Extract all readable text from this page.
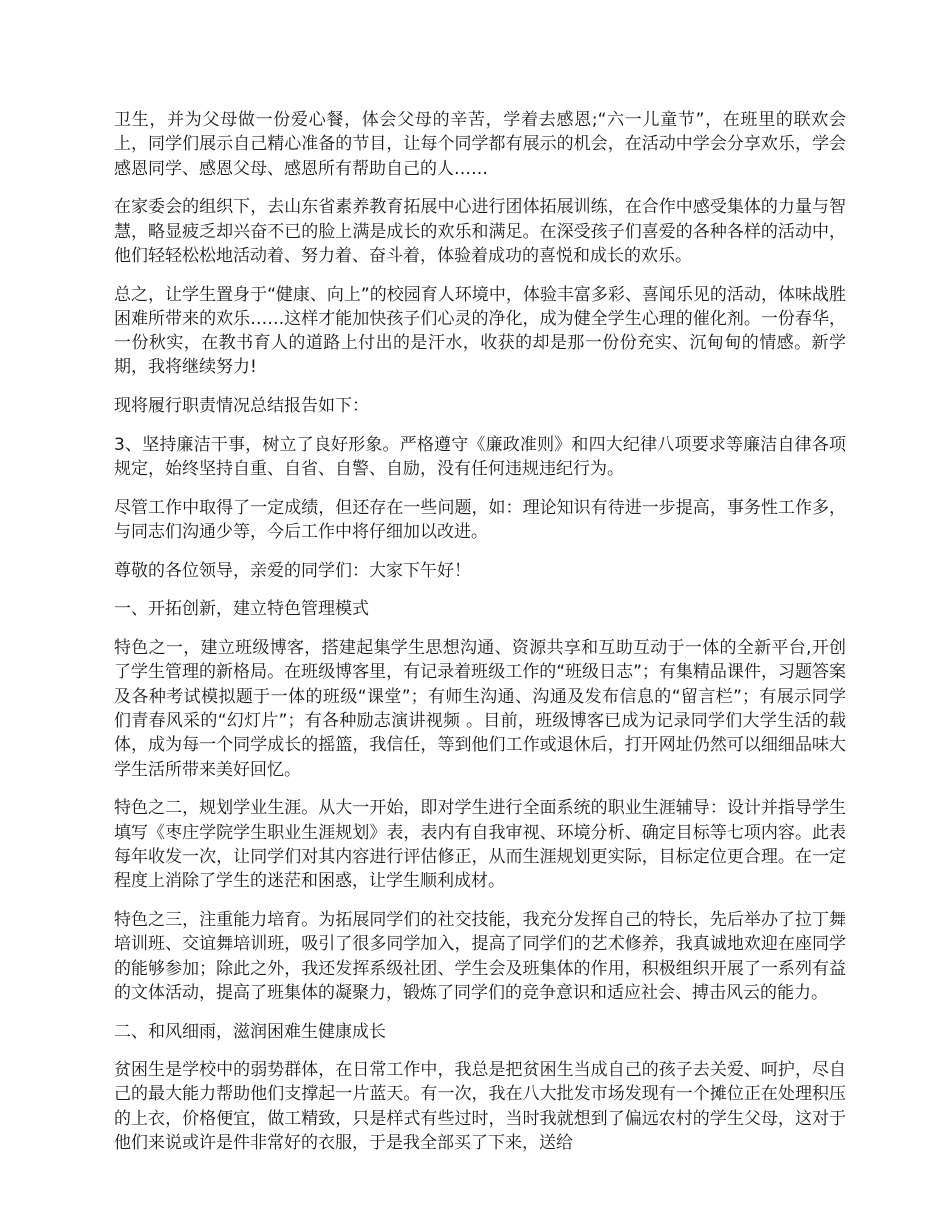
卫生，并为父母做一份爱心餐，体会父母的辛苦，学着去感恩;“六一儿童节”，在班里的联欢会上，同学们展示自己精心准备的节目，让每个同学都有展示的机会，在活动中学会分享欢乐，学会感恩同学、感恩父母、感恩所有帮助自己的人……

在家委会的组织下，去山东省素养教育拓展中心进行团体拓展训练，在合作中感受集体的力量与智慧，略显疲乏却兴奋不已的脸上满是成长的欢乐和满足。在深受孩子们喜爱的各种各样的活动中，他们轻轻松松地活动着、努力着、奋斗着，体验着成功的喜悦和成长的欢乐。

总之，让学生置身于“健康、向上”的校园育人环境中，体验丰富多彩、喜闻乐见的活动，体味战胜困难所带来的欢乐……这样才能加快孩子们心灵的净化，成为健全学生心理的催化剂。一份春华，一份秋实，在教书育人的道路上付出的是汗水，收获的却是那一份份充实、沉甸甸的情感。新学期，我将继续努力!

现将履行职责情况总结报告如下：

3、坚持廉洁干事，树立了良好形象。严格遵守《廉政准则》和四大纪律八项要求等廉洁自律各项规定，始终坚持自重、自省、自警、自励，没有任何违规违纪行为。

尽管工作中取得了一定成绩，但还存在一些问题，如：理论知识有待进一步提高，事务性工作多，与同志们沟通少等，今后工作中将仔细加以改进。

尊敬的各位领导，亲爱的同学们：大家下午好！

一、开拓创新，建立特色管理模式

特色之一，建立班级博客，搭建起集学生思想沟通、资源共享和互助互动于一体的全新平台,开创了学生管理的新格局。在班级博客里，有记录着班级工作的“班级日志”；有集精品课件，习题答案及各种考试模拟题于一体的班级“课堂”；有师生沟通、沟通及发布信息的“留言栏”；有展示同学们青春风采的“幻灯片”；有各种励志演讲视频 。目前，班级博客已成为记录同学们大学生活的载体，成为每一个同学成长的摇篮，我信任，等到他们工作或退休后，打开网址仍然可以细细品味大学生活所带来美好回忆。

特色之二，规划学业生涯。从大一开始，即对学生进行全面系统的职业生涯辅导：设计并指导学生填写《枣庄学院学生职业生涯规划》表，表内有自我审视、环境分析、确定目标等七项内容。此表每年收发一次，让同学们对其内容进行评估修正，从而生涯规划更实际，目标定位更合理。在一定程度上消除了学生的迷茫和困惑，让学生顺利成材。

特色之三，注重能力培育。为拓展同学们的社交技能，我充分发挥自己的特长，先后举办了拉丁舞培训班、交谊舞培训班，吸引了很多同学加入，提高了同学们的艺术修养，我真诚地欢迎在座同学的能够参加；除此之外，我还发挥系级社团、学生会及班集体的作用，积极组织开展了一系列有益的文体活动，提高了班集体的凝聚力，锻炼了同学们的竞争意识和适应社会、搏击风云的能力。

二、和风细雨，滋润困难生健康成长

贫困生是学校中的弱势群体，在日常工作中，我总是把贫困生当成自己的孩子去关爱、呵护，尽自己的最大能力帮助他们支撑起一片蓝天。有一次，我在八大批发市场发现有一个摊位正在处理积压的上衣，价格便宜，做工精致，只是样式有些过时，当时我就想到了偏远农村的学生父母，这对于他们来说或许是件非常好的衣服，于是我全部买了下来，送给
